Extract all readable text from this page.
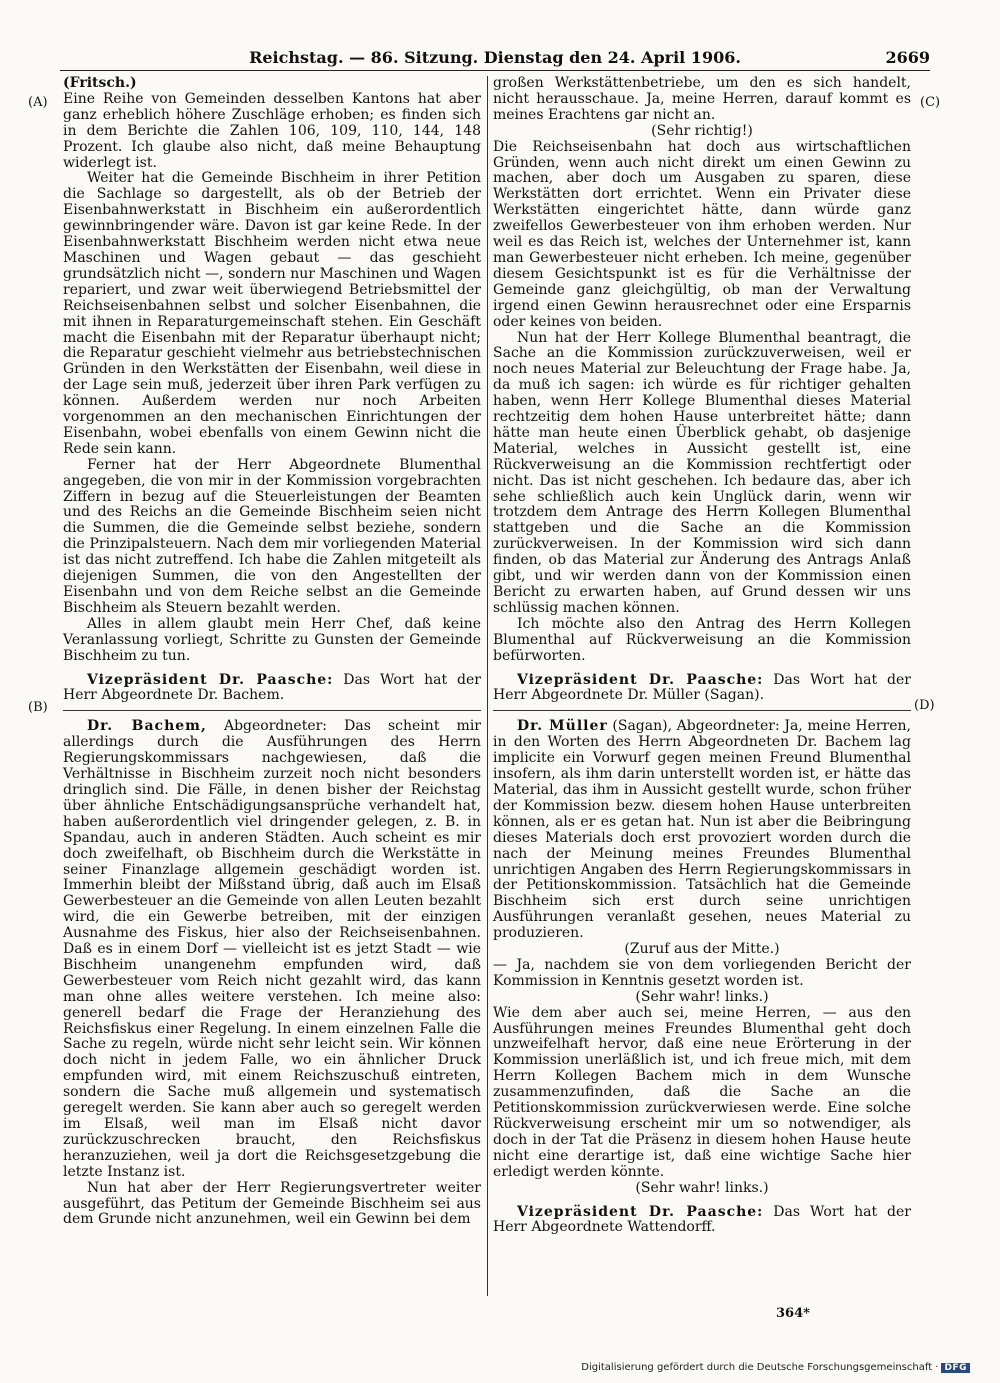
Reichstag. — 86. Sitzung. Dienstag den 24. April 1906.	2669
(A)
(B)
(C)
(D)

(Fritsch.)

Eine Reihe von Gemeinden desselben Kantons hat aber ganz erheblich höhere Zuschläge erhoben; es finden sich in dem Berichte die Zahlen 106, 109, 110, 144, 148 Prozent. Ich glaube also nicht, daß meine Behauptung widerlegt ist.

Weiter hat die Gemeinde Bischheim in ihrer Petition die Sachlage so dargestellt, als ob der Betrieb der Eisenbahnwerkstatt in Bischheim ein außerordentlich gewinnbringender wäre. Davon ist gar keine Rede. In der Eisenbahnwerkstatt Bischheim werden nicht etwa neue Maschinen und Wagen gebaut — das geschieht grundsätzlich nicht —, sondern nur Maschinen und Wagen repariert, und zwar weit überwiegend Betriebsmittel der Reichseisenbahnen selbst und solcher Eisenbahnen, die mit ihnen in Reparaturgemeinschaft stehen. Ein Geschäft macht die Eisenbahn mit der Reparatur überhaupt nicht; die Reparatur geschieht vielmehr aus betriebstechnischen Gründen in den Werkstätten der Eisenbahn, weil diese in der Lage sein muß, jederzeit über ihren Park verfügen zu können. Außerdem werden nur noch Arbeiten vorgenommen an den mechanischen Einrichtungen der Eisenbahn, wobei ebenfalls von einem Gewinn nicht die Rede sein kann.

Ferner hat der Herr Abgeordnete Blumenthal angegeben, die von mir in der Kommission vorgebrachten Ziffern in bezug auf die Steuerleistungen der Beamten und des Reichs an die Gemeinde Bischheim seien nicht die Summen, die die Gemeinde selbst beziehe, sondern die Prinzipalsteuern. Nach dem mir vorliegenden Material ist das nicht zutreffend. Ich habe die Zahlen mitgeteilt als diejenigen Summen, die von den Angestellten der Eisenbahn und von dem Reiche selbst an die Gemeinde Bischheim als Steuern bezahlt werden.

Alles in allem glaubt mein Herr Chef, daß keine Veranlassung vorliegt, Schritte zu Gunsten der Gemeinde Bischheim zu tun.

Vizepräsident Dr. Paasche: Das Wort hat der Herr Abgeordnete Dr. Bachem.

Dr. Bachem, Abgeordneter: Das scheint mir allerdings durch die Ausführungen des Herrn Regierungskommissars nachgewiesen, daß die Verhältnisse in Bischheim zurzeit noch nicht besonders dringlich sind. Die Fälle, in denen bisher der Reichstag über ähnliche Entschädigungsansprüche verhandelt hat, haben außerordentlich viel dringender gelegen, z. B. in Spandau, auch in anderen Städten. Auch scheint es mir doch zweifelhaft, ob Bischheim durch die Werkstätte in seiner Finanzlage allgemein geschädigt worden ist. Immerhin bleibt der Mißstand übrig, daß auch im Elsaß Gewerbesteuer an die Gemeinde von allen Leuten bezahlt wird, die ein Gewerbe betreiben, mit der einzigen Ausnahme des Fiskus, hier also der Reichseisenbahnen. Daß es in einem Dorf — vielleicht ist es jetzt Stadt — wie Bischheim unangenehm empfunden wird, daß Gewerbesteuer vom Reich nicht gezahlt wird, das kann man ohne alles weitere verstehen. Ich meine also: generell bedarf die Frage der Heranziehung des Reichsfiskus einer Regelung. In einem einzelnen Falle die Sache zu regeln, würde nicht sehr leicht sein. Wir können doch nicht in jedem Falle, wo ein ähnlicher Druck empfunden wird, mit einem Reichszuschuß eintreten, sondern die Sache muß allgemein und systematisch geregelt werden. Sie kann aber auch so geregelt werden im Elsaß, weil man im Elsaß nicht davor zurückzuschrecken braucht, den Reichsfiskus heranzuziehen, weil ja dort die Reichsgesetzgebung die letzte Instanz ist.

Nun hat aber der Herr Regierungsvertreter weiter ausgeführt, das Petitum der Gemeinde Bischheim sei aus dem Grunde nicht anzunehmen, weil ein Gewinn bei dem

großen Werkstättenbetriebe, um den es sich handelt, nicht herausschaue. Ja, meine Herren, darauf kommt es meines Erachtens gar nicht an.

(Sehr richtig!)

Die Reichseisenbahn hat doch aus wirtschaftlichen Gründen, wenn auch nicht direkt um einen Gewinn zu machen, aber doch um Ausgaben zu sparen, diese Werkstätten dort errichtet. Wenn ein Privater diese Werkstätten eingerichtet hätte, dann würde ganz zweifellos Gewerbesteuer von ihm erhoben werden. Nur weil es das Reich ist, welches der Unternehmer ist, kann man Gewerbesteuer nicht erheben. Ich meine, gegenüber diesem Gesichtspunkt ist es für die Verhältnisse der Gemeinde ganz gleichgültig, ob man der Verwaltung irgend einen Gewinn herausrechnet oder eine Ersparnis oder keines von beiden.

Nun hat der Herr Kollege Blumenthal beantragt, die Sache an die Kommission zurückzuverweisen, weil er noch neues Material zur Beleuchtung der Frage habe. Ja, da muß ich sagen: ich würde es für richtiger gehalten haben, wenn Herr Kollege Blumenthal dieses Material rechtzeitig dem hohen Hause unterbreitet hätte; dann hätte man heute einen Überblick gehabt, ob dasjenige Material, welches in Aussicht gestellt ist, eine Rückverweisung an die Kommission rechtfertigt oder nicht. Das ist nicht geschehen. Ich bedaure das, aber ich sehe schließlich auch kein Unglück darin, wenn wir trotzdem dem Antrage des Herrn Kollegen Blumenthal stattgeben und die Sache an die Kommission zurückverweisen. In der Kommission wird sich dann finden, ob das Material zur Änderung des Antrags Anlaß gibt, und wir werden dann von der Kommission einen Bericht zu erwarten haben, auf Grund dessen wir uns schlüssig machen können.

Ich möchte also den Antrag des Herrn Kollegen Blumenthal auf Rückverweisung an die Kommission befürworten.

Vizepräsident Dr. Paasche: Das Wort hat der Herr Abgeordnete Dr. Müller (Sagan).

Dr. Müller (Sagan), Abgeordneter: Ja, meine Herren, in den Worten des Herrn Abgeordneten Dr. Bachem lag implicite ein Vorwurf gegen meinen Freund Blumenthal insofern, als ihm darin unterstellt worden ist, er hätte das Material, das ihm in Aussicht gestellt wurde, schon früher der Kommission bezw. diesem hohen Hause unterbreiten können, als er es getan hat. Nun ist aber die Beibringung dieses Materials doch erst provoziert worden durch die nach der Meinung meines Freundes Blumenthal unrichtigen Angaben des Herrn Regierungskommissars in der Petitionskommission. Tatsächlich hat die Gemeinde Bischheim sich erst durch seine unrichtigen Ausführungen veranlaßt gesehen, neues Material zu produzieren.

(Zuruf aus der Mitte.)

— Ja, nachdem sie von dem vorliegenden Bericht der Kommission in Kenntnis gesetzt worden ist.

(Sehr wahr! links.)

Wie dem aber auch sei, meine Herren, — aus den Ausführungen meines Freundes Blumenthal geht doch unzweifelhaft hervor, daß eine neue Erörterung in der Kommission unerläßlich ist, und ich freue mich, mit dem Herrn Kollegen Bachem mich in dem Wunsche zusammenzufinden, daß die Sache an die Petitionskommission zurückverwiesen werde. Eine solche Rückverweisung erscheint mir um so notwendiger, als doch in der Tat die Präsenz in diesem hohen Hause heute nicht eine derartige ist, daß eine wichtige Sache hier erledigt werden könnte.

(Sehr wahr! links.)

Vizepräsident Dr. Paasche: Das Wort hat der Herr Abgeordnete Wattendorff.

364*
Digitalisierung gefördert durch die Deutsche Forschungsgemeinschaft · DFG
